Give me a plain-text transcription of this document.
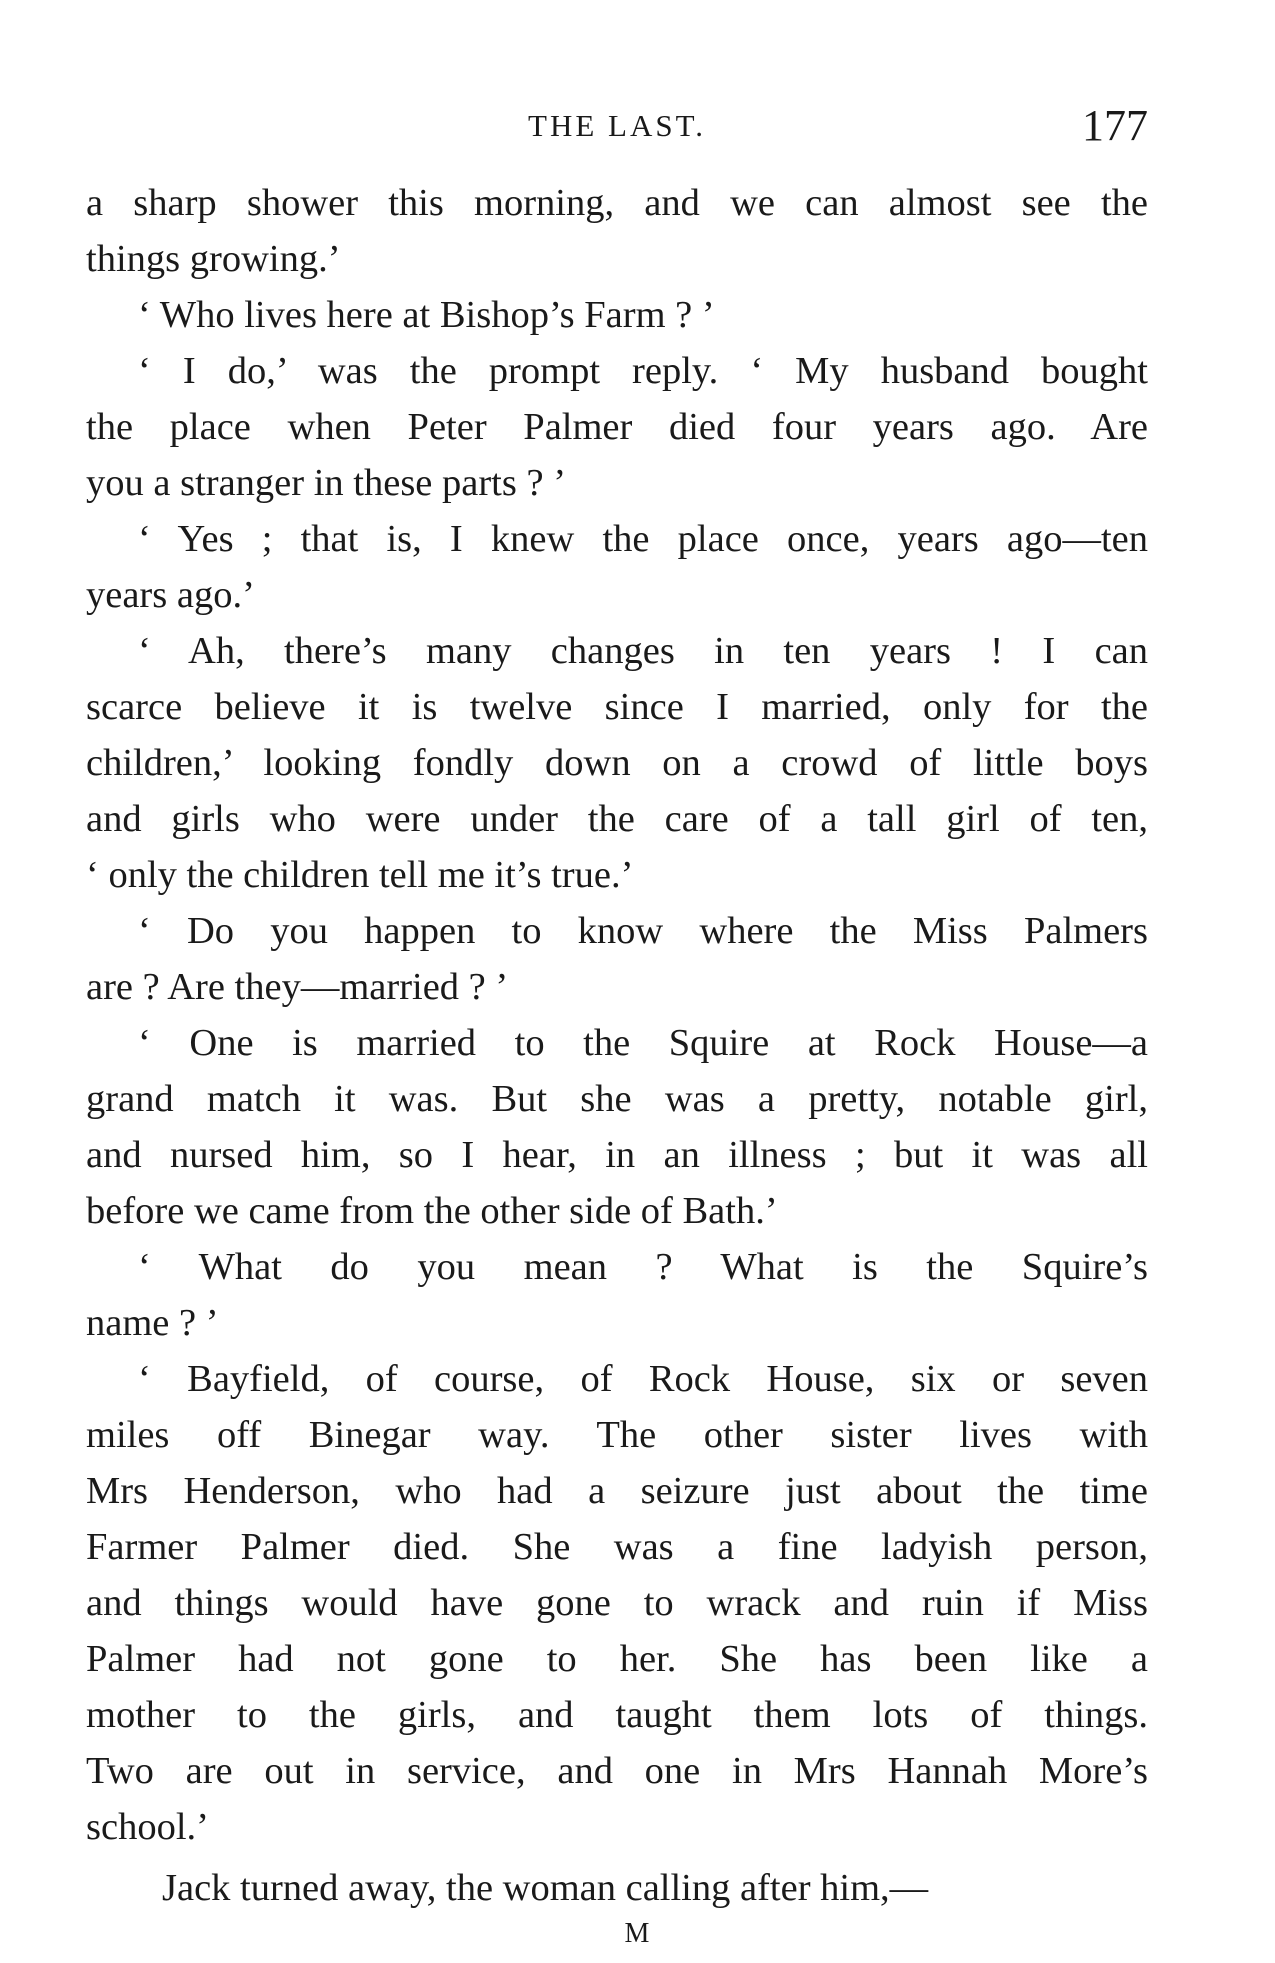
THE LAST.	177
a sharp shower this morning, and we can almost see the
things growing.’
‘ Who lives here at Bishop’s Farm ? ’
‘ I do,’ was the prompt reply. ‘ My husband bought
the place when Peter Palmer died four years ago. Are
you a stranger in these parts ? ’
‘ Yes ; that is, I knew the place once, years ago—ten
years ago.’
‘ Ah, there’s many changes in ten years ! I can
scarce believe it is twelve since I married, only for the
children,’ looking fondly down on a crowd of little boys
and girls who were under the care of a tall girl of ten,
‘ only the children tell me it’s true.’
‘ Do you happen to know where the Miss Palmers
are ? Are they—married ? ’
‘ One is married to the Squire at Rock House—a
grand match it was. But she was a pretty, notable girl,
and nursed him, so I hear, in an illness ; but it was all
before we came from the other side of Bath.’
‘ What do you mean ? What is the Squire’s
name ? ’
‘ Bayfield, of course, of Rock House, six or seven
miles off Binegar way. The other sister lives with
Mrs Henderson, who had a seizure just about the time
Farmer Palmer died. She was a fine ladyish person,
and things would have gone to wrack and ruin if Miss
Palmer had not gone to her. She has been like a
mother to the girls, and taught them lots of things.
Two are out in service, and one in Mrs Hannah More’s
school.’
Jack turned away, the woman calling after him,—
M
